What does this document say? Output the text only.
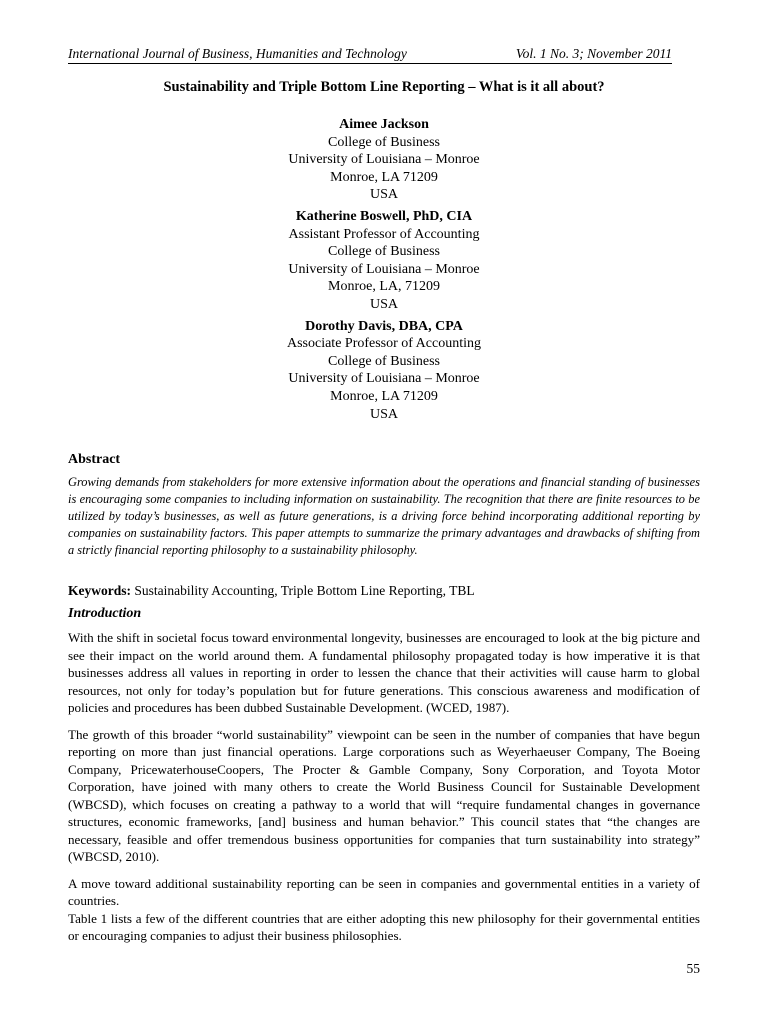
International Journal of Business, Humanities and Technology	Vol. 1 No. 3; November 2011
Sustainability and Triple Bottom Line Reporting – What is it all about?
Aimee Jackson
College of Business
University of Louisiana – Monroe
Monroe, LA 71209
USA
Katherine Boswell, PhD, CIA
Assistant Professor of Accounting
College of Business
University of Louisiana – Monroe
Monroe, LA, 71209
USA
Dorothy Davis, DBA, CPA
Associate Professor of Accounting
College of Business
University of Louisiana – Monroe
Monroe, LA 71209
USA
Abstract
Growing demands from stakeholders for more extensive information about the operations and financial standing of businesses is encouraging some companies to including information on sustainability. The recognition that there are finite resources to be utilized by today’s businesses, as well as future generations, is a driving force behind incorporating additional reporting by companies on sustainability factors. This paper attempts to summarize the primary advantages and drawbacks of shifting from a strictly financial reporting philosophy to a sustainability philosophy.
Keywords: Sustainability Accounting, Triple Bottom Line Reporting, TBL
Introduction

With the shift in societal focus toward environmental longevity, businesses are encouraged to look at the big picture and see their impact on the world around them. A fundamental philosophy propagated today is how imperative it is that businesses address all values in reporting in order to lessen the chance that their activities will cause harm to global resources, not only for today’s population but for future generations. This conscious awareness and modification of policies and procedures has been dubbed Sustainable Development. (WCED, 1987).

The growth of this broader “world sustainability” viewpoint can be seen in the number of companies that have begun reporting on more than just financial operations. Large corporations such as Weyerhaeuser Company, The Boeing Company, PricewaterhouseCoopers, The Procter & Gamble Company, Sony Corporation, and Toyota Motor Corporation, have joined with many others to create the World Business Council for Sustainable Development (WBCSD), which focuses on creating a pathway to a world that will “require fundamental changes in governance structures, economic frameworks, [and] business and human behavior.” This council states that “the changes are necessary, feasible and offer tremendous business opportunities for companies that turn sustainability into strategy” (WBCSD, 2010).

A move toward additional sustainability reporting can be seen in companies and governmental entities in a variety of countries.

Table 1 lists a few of the different countries that are either adopting this new philosophy for their governmental entities or encouraging companies to adjust their business philosophies.

55
